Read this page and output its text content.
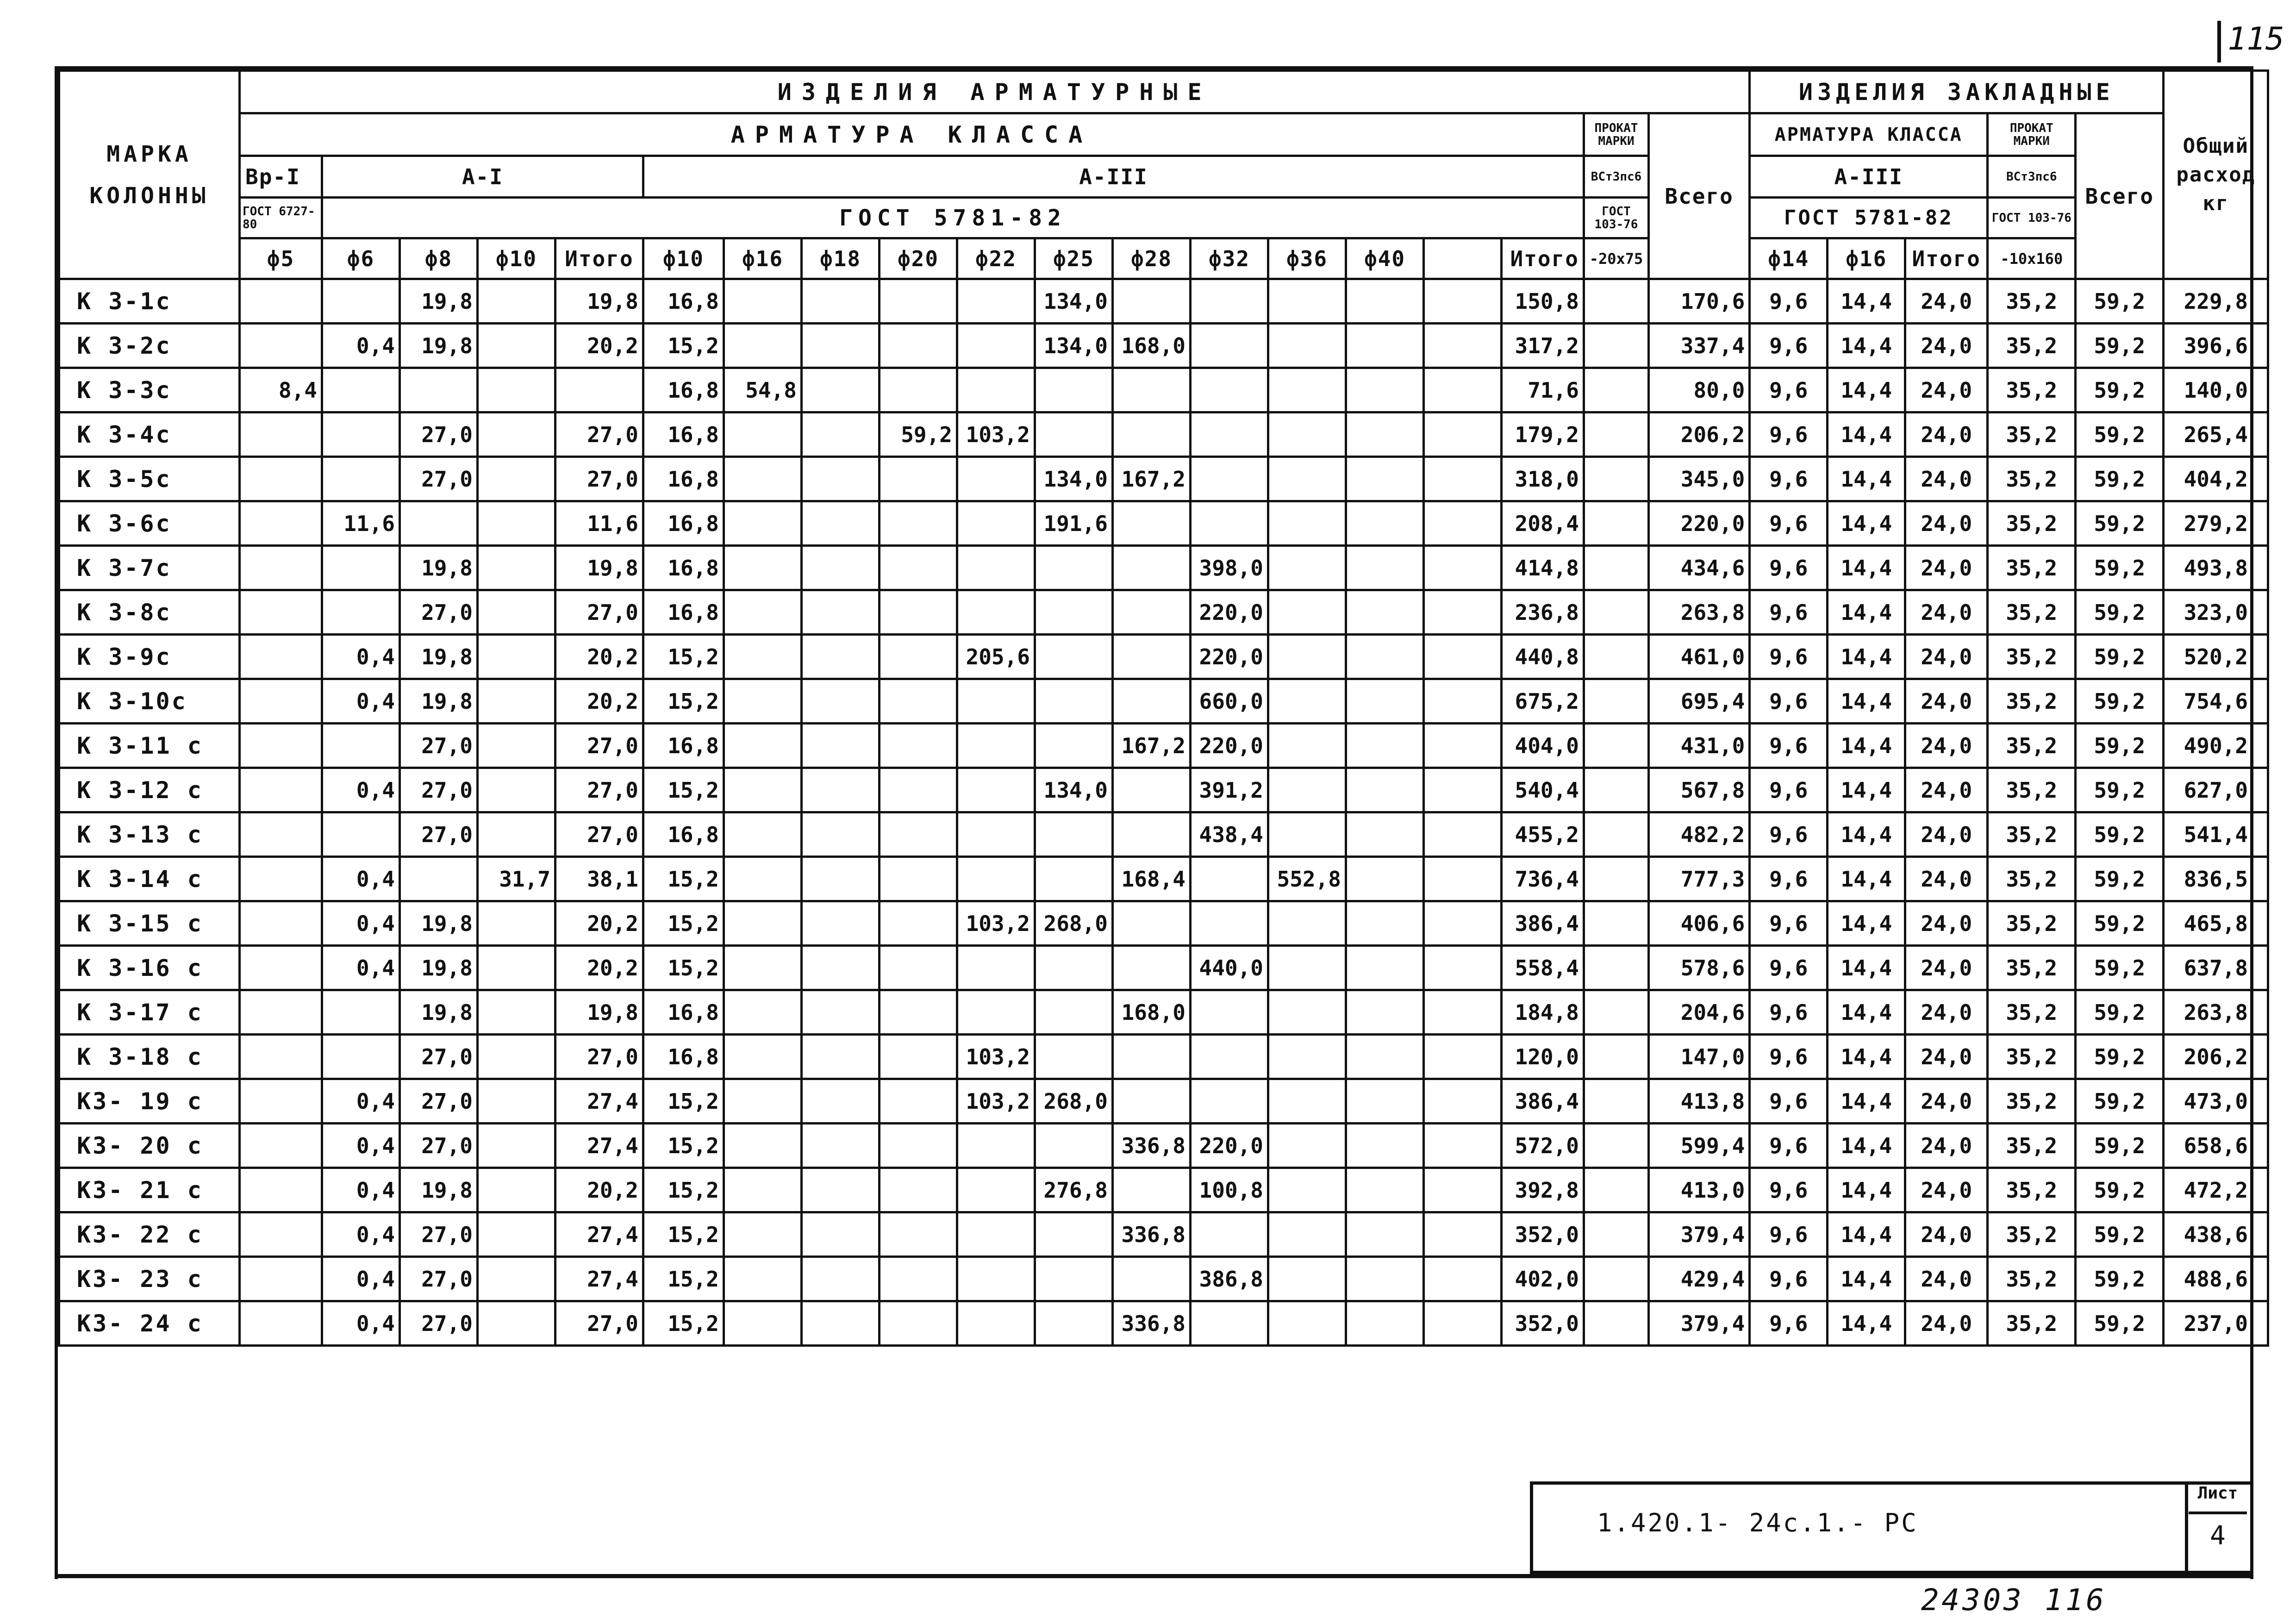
115
МАРКА КОЛОННЫ	ИЗДЕЛИЯ АРМАТУРНЫЕ																			ИЗДЕЛИЯ ЗАКЛАДНЫЕ					Общий расход кг
	АРМАТУРА КЛАССА																	ПРОКАТ МАРКИ	Всего	АРМАТУРА КЛАССА			ПРОКАТ МАРКИ	Всего	
	Вр-I	А-I				А-III												ВСт3пс6		А-III			ВСт3пс6		
	ГОСТ 6727-80	ГОСТ 5781-82																ГОСТ 103-76		ГОСТ 5781-82			ГОСТ 103-76		
	ф5	ф6	ф8	ф10	Итого	ф10	ф16	ф18	ф20	ф22	ф25	ф28	ф32	ф36	ф40		Итого	-20х75		ф14	ф16	Итого	-10х160		
К 3-1с			19,8		19,8	16,8					134,0						150,8		170,6	9,6	14,4	24,0	35,2	59,2	229,8
К 3-2с		0,4	19,8		20,2	15,2					134,0	168,0					317,2		337,4	9,6	14,4	24,0	35,2	59,2	396,6
К 3-3с	8,4					16,8	54,8										71,6		80,0	9,6	14,4	24,0	35,2	59,2	140,0
К 3-4с			27,0		27,0	16,8			59,2	103,2							179,2		206,2	9,6	14,4	24,0	35,2	59,2	265,4
К 3-5с			27,0		27,0	16,8					134,0	167,2					318,0		345,0	9,6	14,4	24,0	35,2	59,2	404,2
К 3-6с		11,6			11,6	16,8					191,6						208,4		220,0	9,6	14,4	24,0	35,2	59,2	279,2
К 3-7с			19,8		19,8	16,8							398,0				414,8		434,6	9,6	14,4	24,0	35,2	59,2	493,8
К 3-8с			27,0		27,0	16,8							220,0				236,8		263,8	9,6	14,4	24,0	35,2	59,2	323,0
К 3-9с		0,4	19,8		20,2	15,2				205,6			220,0				440,8		461,0	9,6	14,4	24,0	35,2	59,2	520,2
К 3-10с		0,4	19,8		20,2	15,2							660,0				675,2		695,4	9,6	14,4	24,0	35,2	59,2	754,6
К 3-11 с			27,0		27,0	16,8						167,2	220,0				404,0		431,0	9,6	14,4	24,0	35,2	59,2	490,2
К 3-12 с		0,4	27,0		27,0	15,2					134,0		391,2				540,4		567,8	9,6	14,4	24,0	35,2	59,2	627,0
К 3-13 с			27,0		27,0	16,8							438,4				455,2		482,2	9,6	14,4	24,0	35,2	59,2	541,4
К 3-14 с		0,4		31,7	38,1	15,2						168,4		552,8			736,4		777,3	9,6	14,4	24,0	35,2	59,2	836,5
К 3-15 с		0,4	19,8		20,2	15,2				103,2	268,0						386,4		406,6	9,6	14,4	24,0	35,2	59,2	465,8
К 3-16 с		0,4	19,8		20,2	15,2							440,0				558,4		578,6	9,6	14,4	24,0	35,2	59,2	637,8
К 3-17 с			19,8		19,8	16,8						168,0					184,8		204,6	9,6	14,4	24,0	35,2	59,2	263,8
К 3-18 с			27,0		27,0	16,8				103,2							120,0		147,0	9,6	14,4	24,0	35,2	59,2	206,2
К3- 19 с		0,4	27,0		27,4	15,2				103,2	268,0						386,4		413,8	9,6	14,4	24,0	35,2	59,2	473,0
К3- 20 с		0,4	27,0		27,4	15,2						336,8	220,0				572,0		599,4	9,6	14,4	24,0	35,2	59,2	658,6
К3- 21 с		0,4	19,8		20,2	15,2					276,8		100,8				392,8		413,0	9,6	14,4	24,0	35,2	59,2	472,2
К3- 22 с		0,4	27,0		27,4	15,2						336,8					352,0		379,4	9,6	14,4	24,0	35,2	59,2	438,6
К3- 23 с		0,4	27,0		27,4	15,2							386,8				402,0		429,4	9,6	14,4	24,0	35,2	59,2	488,6
К3- 24 с		0,4	27,0		27,0	15,2						336,8					352,0		379,4	9,6	14,4	24,0	35,2	59,2	237,0

1.420.1- 24с.1.- РС
Лист
4
24303 116
